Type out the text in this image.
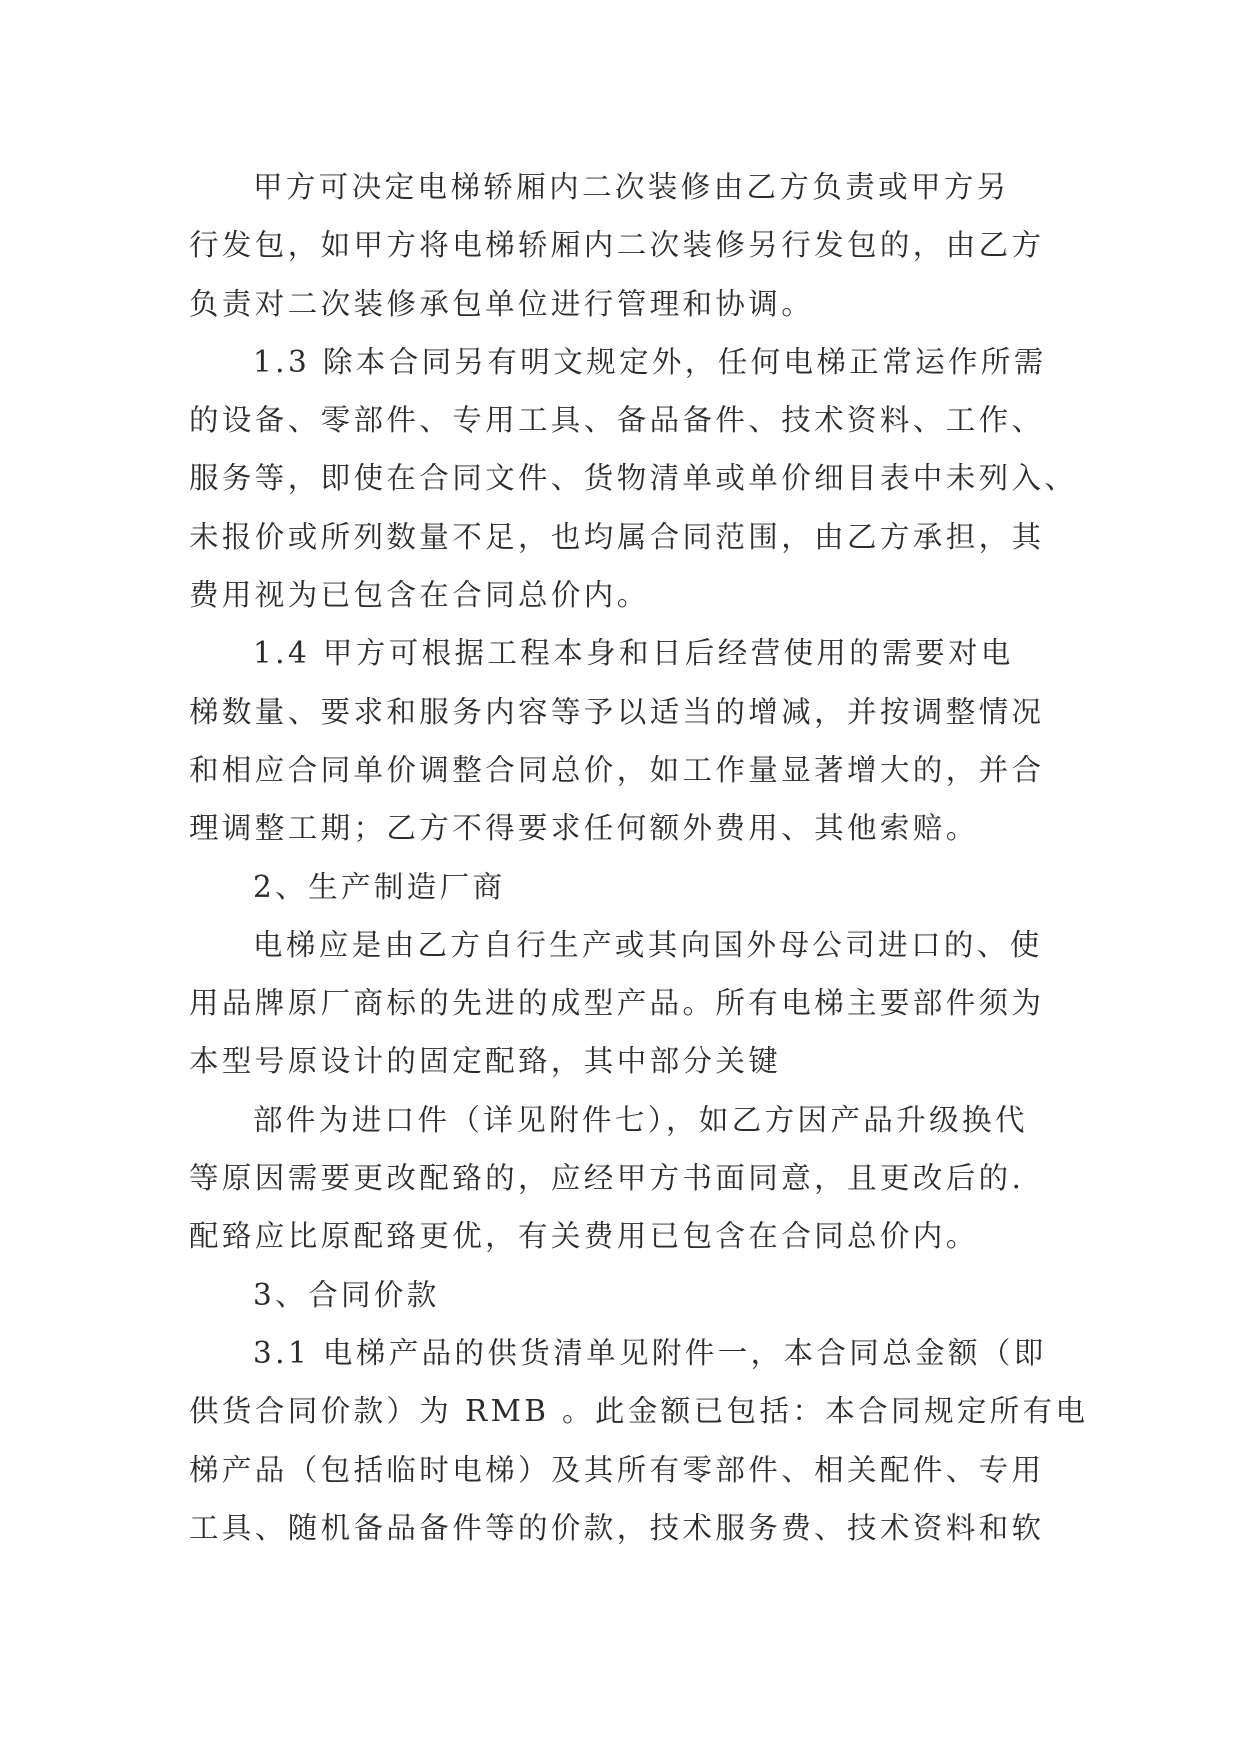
甲方可决定电梯轿厢内二次装修由乙方负责或甲方另
行发包，如甲方将电梯轿厢内二次装修另行发包的，由乙方
负责对二次装修承包单位进行管理和协调。
1.3 除本合同另有明文规定外，任何电梯正常运作所需
的设备、零部件、专用工具、备品备件、技术资料、工作、
服务等，即使在合同文件、货物清单或单价细目表中未列入、
未报价或所列数量不足，也均属合同范围，由乙方承担，其
费用视为已包含在合同总价内。
1.4 甲方可根据工程本身和日后经营使用的需要对电
梯数量、要求和服务内容等予以适当的增减，并按调整情况
和相应合同单价调整合同总价，如工作量显著增大的，并合
理调整工期；乙方不得要求任何额外费用、其他索赔。
2、生产制造厂商
电梯应是由乙方自行生产或其向国外母公司进口的、使
用品牌原厂商标的先进的成型产品。所有电梯主要部件须为
本型号原设计的固定配臵，其中部分关键
部件为进口件（详见附件七），如乙方因产品升级换代
等原因需要更改配臵的，应经甲方书面同意，且更改后的.
配臵应比原配臵更优，有关费用已包含在合同总价内。
3、合同价款
3.1 电梯产品的供货清单见附件一，本合同总金额（即
供货合同价款）为 RMB 。此金额已包括：本合同规定所有电
梯产品（包括临时电梯）及其所有零部件、相关配件、专用
工具、随机备品备件等的价款，技术服务费、技术资料和软
